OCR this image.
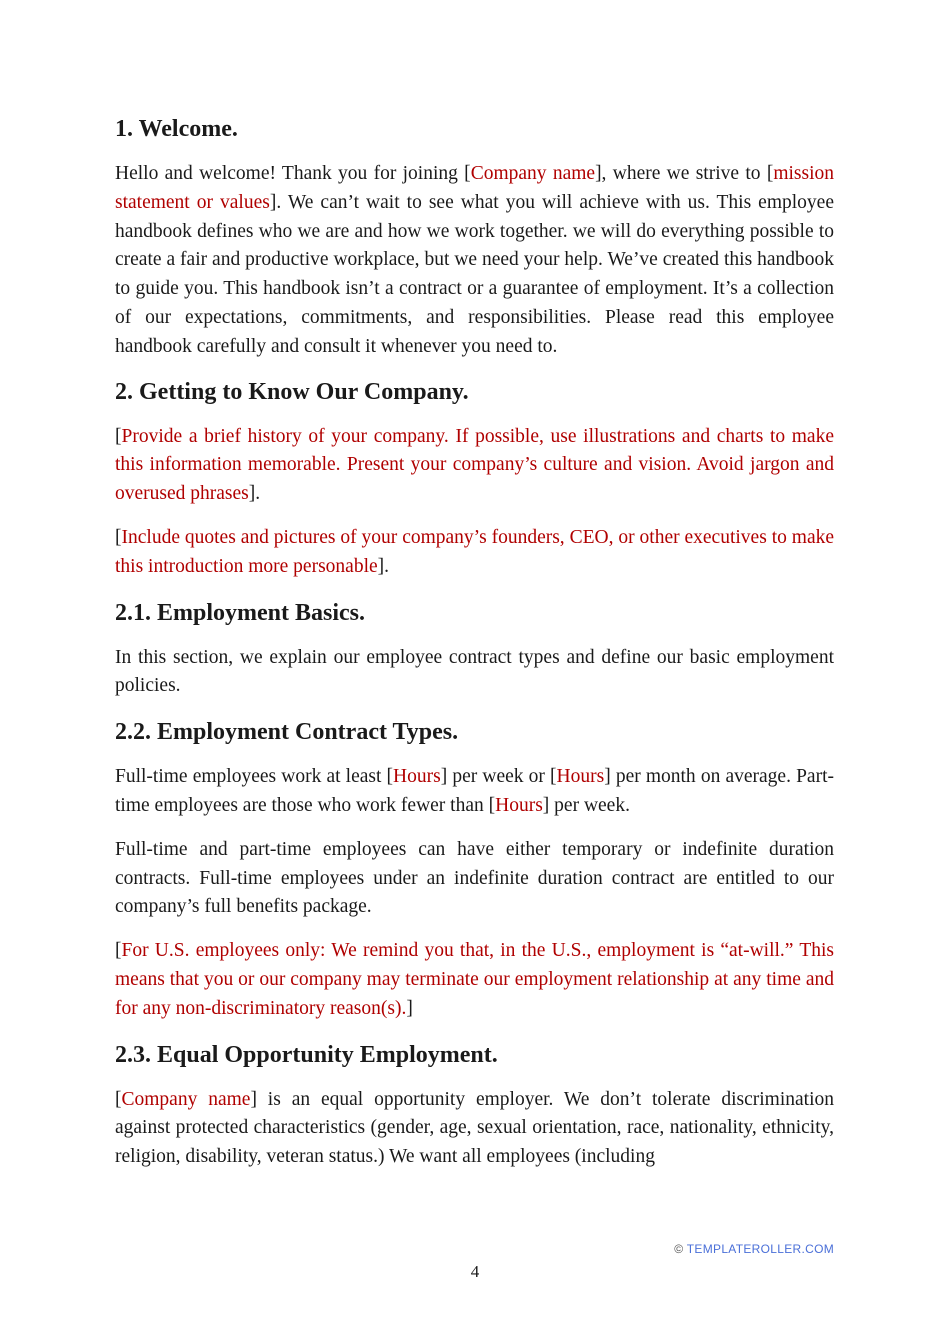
1. Welcome.

Hello and welcome! Thank you for joining [Company name], where we strive to [mission statement or values]. We can’t wait to see what you will achieve with us. This employee handbook defines who we are and how we work together. we will do everything possible to create a fair and productive workplace, but we need your help. We’ve created this handbook to guide you. This handbook isn’t a contract or a guarantee of employment. It’s a collection of our expectations, commitments, and responsibilities. Please read this employee handbook carefully and consult it whenever you need to.

2. Getting to Know Our Company.

[Provide a brief history of your company. If possible, use illustrations and charts to make this information memorable. Present your company’s culture and vision. Avoid jargon and overused phrases].

[Include quotes and pictures of your company’s founders, CEO, or other executives to make this introduction more personable].

2.1. Employment Basics.

In this section, we explain our employee contract types and define our basic employment policies.

2.2. Employment Contract Types.

Full-time employees work at least [Hours] per week or [Hours] per month on average. Part-time employees are those who work fewer than [Hours] per week.

Full-time and part-time employees can have either temporary or indefinite duration contracts. Full-time employees under an indefinite duration contract are entitled to our company’s full benefits package.

[For U.S. employees only: We remind you that, in the U.S., employment is “at-will.” This means that you or our company may terminate our employment relationship at any time and for any non-discriminatory reason(s).]

2.3. Equal Opportunity Employment.

[Company name] is an equal opportunity employer. We don’t tolerate discrimination against protected characteristics (gender, age, sexual orientation, race, nationality, ethnicity, religion, disability, veteran status.) We want all employees (including

© TEMPLATEROLLER.COM
4
